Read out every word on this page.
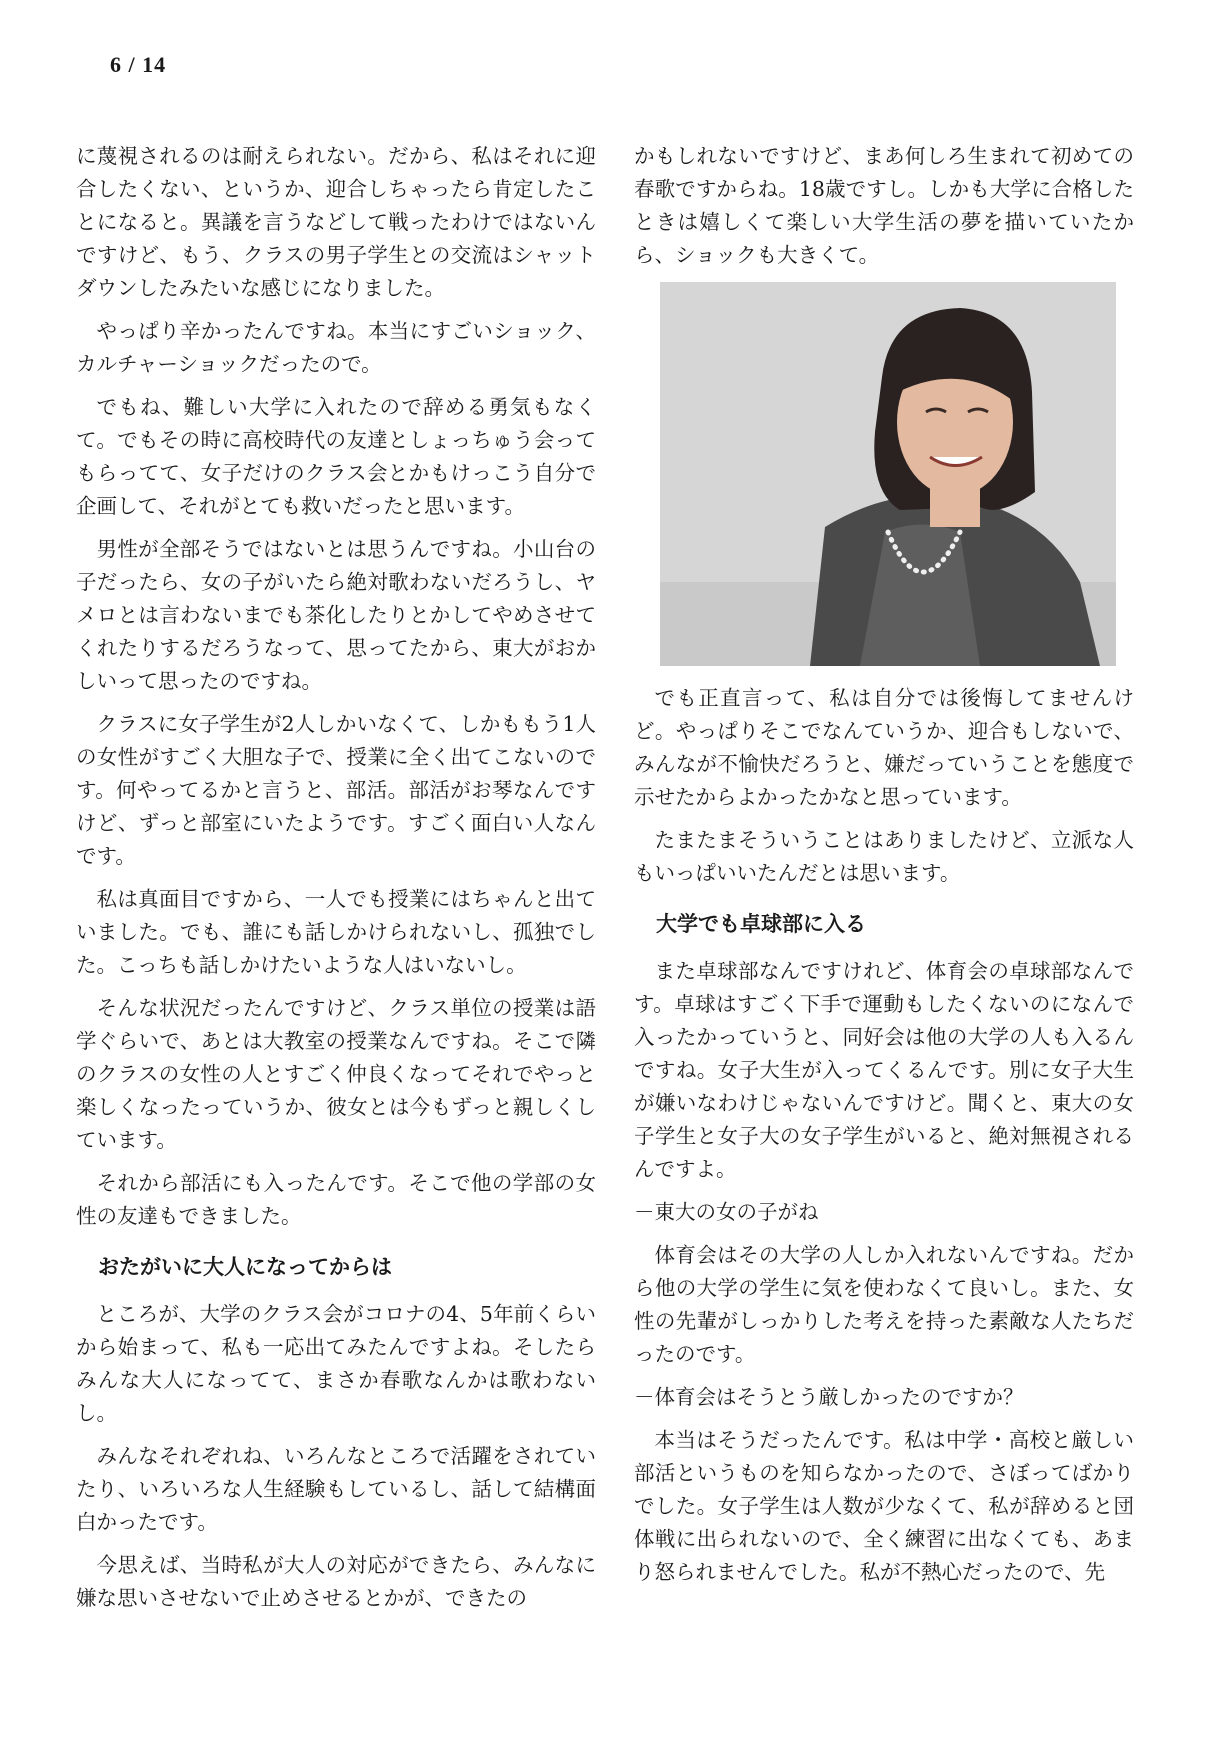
6 / 14

に蔑視されるのは耐えられない。だから、私はそれに迎合したくない、というか、迎合しちゃったら肯定したことになると。異議を言うなどして戦ったわけではないんですけど、もう、クラスの男子学生との交流はシャットダウンしたみたいな感じになりました。

やっぱり辛かったんですね。本当にすごいショック、カルチャーショックだったので。

でもね、難しい大学に入れたので辞める勇気もなくて。でもその時に高校時代の友達としょっちゅう会ってもらってて、女子だけのクラス会とかもけっこう自分で企画して、それがとても救いだったと思います。

男性が全部そうではないとは思うんですね。小山台の子だったら、女の子がいたら絶対歌わないだろうし、ヤメロとは言わないまでも茶化したりとかしてやめさせてくれたりするだろうなって、思ってたから、東大がおかしいって思ったのですね。

クラスに女子学生が2人しかいなくて、しかももう1人の女性がすごく大胆な子で、授業に全く出てこないのです。何やってるかと言うと、部活。部活がお琴なんですけど、ずっと部室にいたようです。すごく面白い人なんです。

私は真面目ですから、一人でも授業にはちゃんと出ていました。でも、誰にも話しかけられないし、孤独でした。こっちも話しかけたいような人はいないし。

そんな状況だったんですけど、クラス単位の授業は語学ぐらいで、あとは大教室の授業なんですね。そこで隣のクラスの女性の人とすごく仲良くなってそれでやっと楽しくなったっていうか、彼女とは今もずっと親しくしています。

それから部活にも入ったんです。そこで他の学部の女性の友達もできました。

おたがいに大人になってからは

ところが、大学のクラス会がコロナの4、5年前くらいから始まって、私も一応出てみたんですよね。そしたらみんな大人になってて、まさか春歌なんかは歌わないし。

みんなそれぞれね、いろんなところで活躍をされていたり、いろいろな人生経験もしているし、話して結構面白かったです。

今思えば、当時私が大人の対応ができたら、みんなに嫌な思いさせないで止めさせるとかが、できたの

かもしれないですけど、まあ何しろ生まれて初めての春歌ですからね。18歳ですし。しかも大学に合格したときは嬉しくて楽しい大学生活の夢を描いていたから、ショックも大きくて。

でも正直言って、私は自分では後悔してませんけど。やっぱりそこでなんていうか、迎合もしないで、みんなが不愉快だろうと、嫌だっていうことを態度で示せたからよかったかなと思っています。

たまたまそういうことはありましたけど、立派な人もいっぱいいたんだとは思います。

大学でも卓球部に入る

また卓球部なんですけれど、体育会の卓球部なんです。卓球はすごく下手で運動もしたくないのになんで入ったかっていうと、同好会は他の大学の人も入るんですね。女子大生が入ってくるんです。別に女子大生が嫌いなわけじゃないんですけど。聞くと、東大の女子学生と女子大の女子学生がいると、絶対無視されるんですよ。

－東大の女の子がね

体育会はその大学の人しか入れないんですね。だから他の大学の学生に気を使わなくて良いし。また、女性の先輩がしっかりした考えを持った素敵な人たちだったのです。

－体育会はそうとう厳しかったのですか？

本当はそうだったんです。私は中学・高校と厳しい部活というものを知らなかったので、さぼってばかりでした。女子学生は人数が少なくて、私が辞めると団体戦に出られないので、全く練習に出なくても、あまり怒られませんでした。私が不熱心だったので、先
